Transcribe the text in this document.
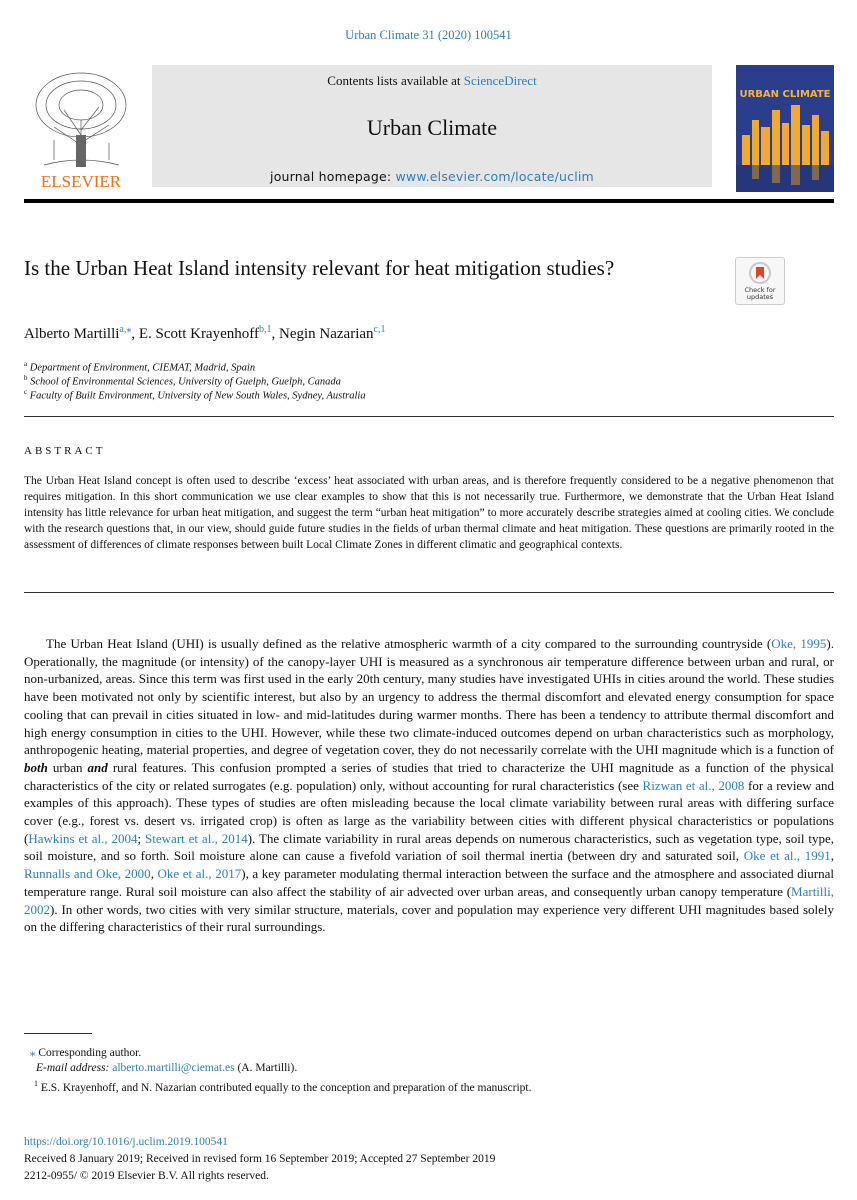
Urban Climate 31 (2020) 100541
ELSEVIER
Contents lists available at ScienceDirect
Urban Climate
journal homepage: www.elsevier.com/locate/uclim
URBAN CLIMATE
Is the Urban Heat Island intensity relevant for heat mitigation studies?
Check for updates
Alberto Martilli$^{a,⁎}$, E. Scott Krayenhoff$^{b,1}$, Negin Nazarian$^{c,1}$
$^a$ Department of Environment, CIEMAT, Madrid, Spain
$^b$ School of Environmental Sciences, University of Guelph, Guelph, Canada
$^c$ Faculty of Built Environment, University of New South Wales, Sydney, Australia
ABSTRACT
The Urban Heat Island concept is often used to describe ‘excess’ heat associated with urban areas, and is therefore frequently considered to be a negative phenomenon that requires mitigation. In this short communication we use clear examples to show that this is not necessarily true. Furthermore, we demonstrate that the Urban Heat Island intensity has little relevance for urban heat mitigation, and suggest the term “urban heat mitigation” to more accurately describe strategies aimed at cooling cities. We conclude with the research questions that, in our view, should guide future studies in the fields of urban thermal climate and heat mitigation. These questions are primarily rooted in the assessment of differences of climate responses between built Local Climate Zones in different climatic and geographical contexts.
The Urban Heat Island (UHI) is usually defined as the relative atmospheric warmth of a city compared to the surrounding countryside (Oke, 1995). Operationally, the magnitude (or intensity) of the canopy-layer UHI is measured as a synchronous air temperature difference between urban and rural, or non-urbanized, areas. Since this term was first used in the early 20th century, many studies have investigated UHIs in cities around the world. These studies have been motivated not only by scientific interest, but also by an urgency to address the thermal discomfort and elevated energy consumption for space cooling that can prevail in cities situated in low- and mid-latitudes during warmer months. There has been a tendency to attribute thermal discomfort and high energy consumption in cities to the UHI. However, while these two climate-induced outcomes depend on urban characteristics such as morphology, anthropogenic heating, material properties, and degree of vegetation cover, they do not necessarily correlate with the UHI magnitude which is a function of both urban and rural features. This confusion prompted a series of studies that tried to characterize the UHI magnitude as a function of the physical characteristics of the city or related surrogates (e.g. population) only, without accounting for rural characteristics (see Rizwan et al., 2008 for a review and examples of this approach). These types of studies are often misleading because the local climate variability between rural areas with differing surface cover (e.g., forest vs. desert vs. irrigated crop) is often as large as the variability between cities with different physical characteristics or populations (Hawkins et al., 2004; Stewart et al., 2014). The climate variability in rural areas depends on numerous characteristics, such as vegetation type, soil type, soil moisture, and so forth. Soil moisture alone can cause a fivefold variation of soil thermal inertia (between dry and saturated soil, Oke et al., 1991, Runnalls and Oke, 2000, Oke et al., 2017), a key parameter modulating thermal interaction between the surface and the atmosphere and associated diurnal temperature range. Rural soil moisture can also affect the stability of air advected over urban areas, and consequently urban canopy temperature (Martilli, 2002). In other words, two cities with very similar structure, materials, cover and population may experience very different UHI magnitudes based solely on the differing characteristics of their rural surroundings.
⁎ Corresponding author.
E-mail address: alberto.martilli@ciemat.es (A. Martilli).
$^1$ E.S. Krayenhoff, and N. Nazarian contributed equally to the conception and preparation of the manuscript.
https://doi.org/10.1016/j.uclim.2019.100541
Received 8 January 2019; Received in revised form 16 September 2019; Accepted 27 September 2019
2212-0955/ © 2019 Elsevier B.V. All rights reserved.
